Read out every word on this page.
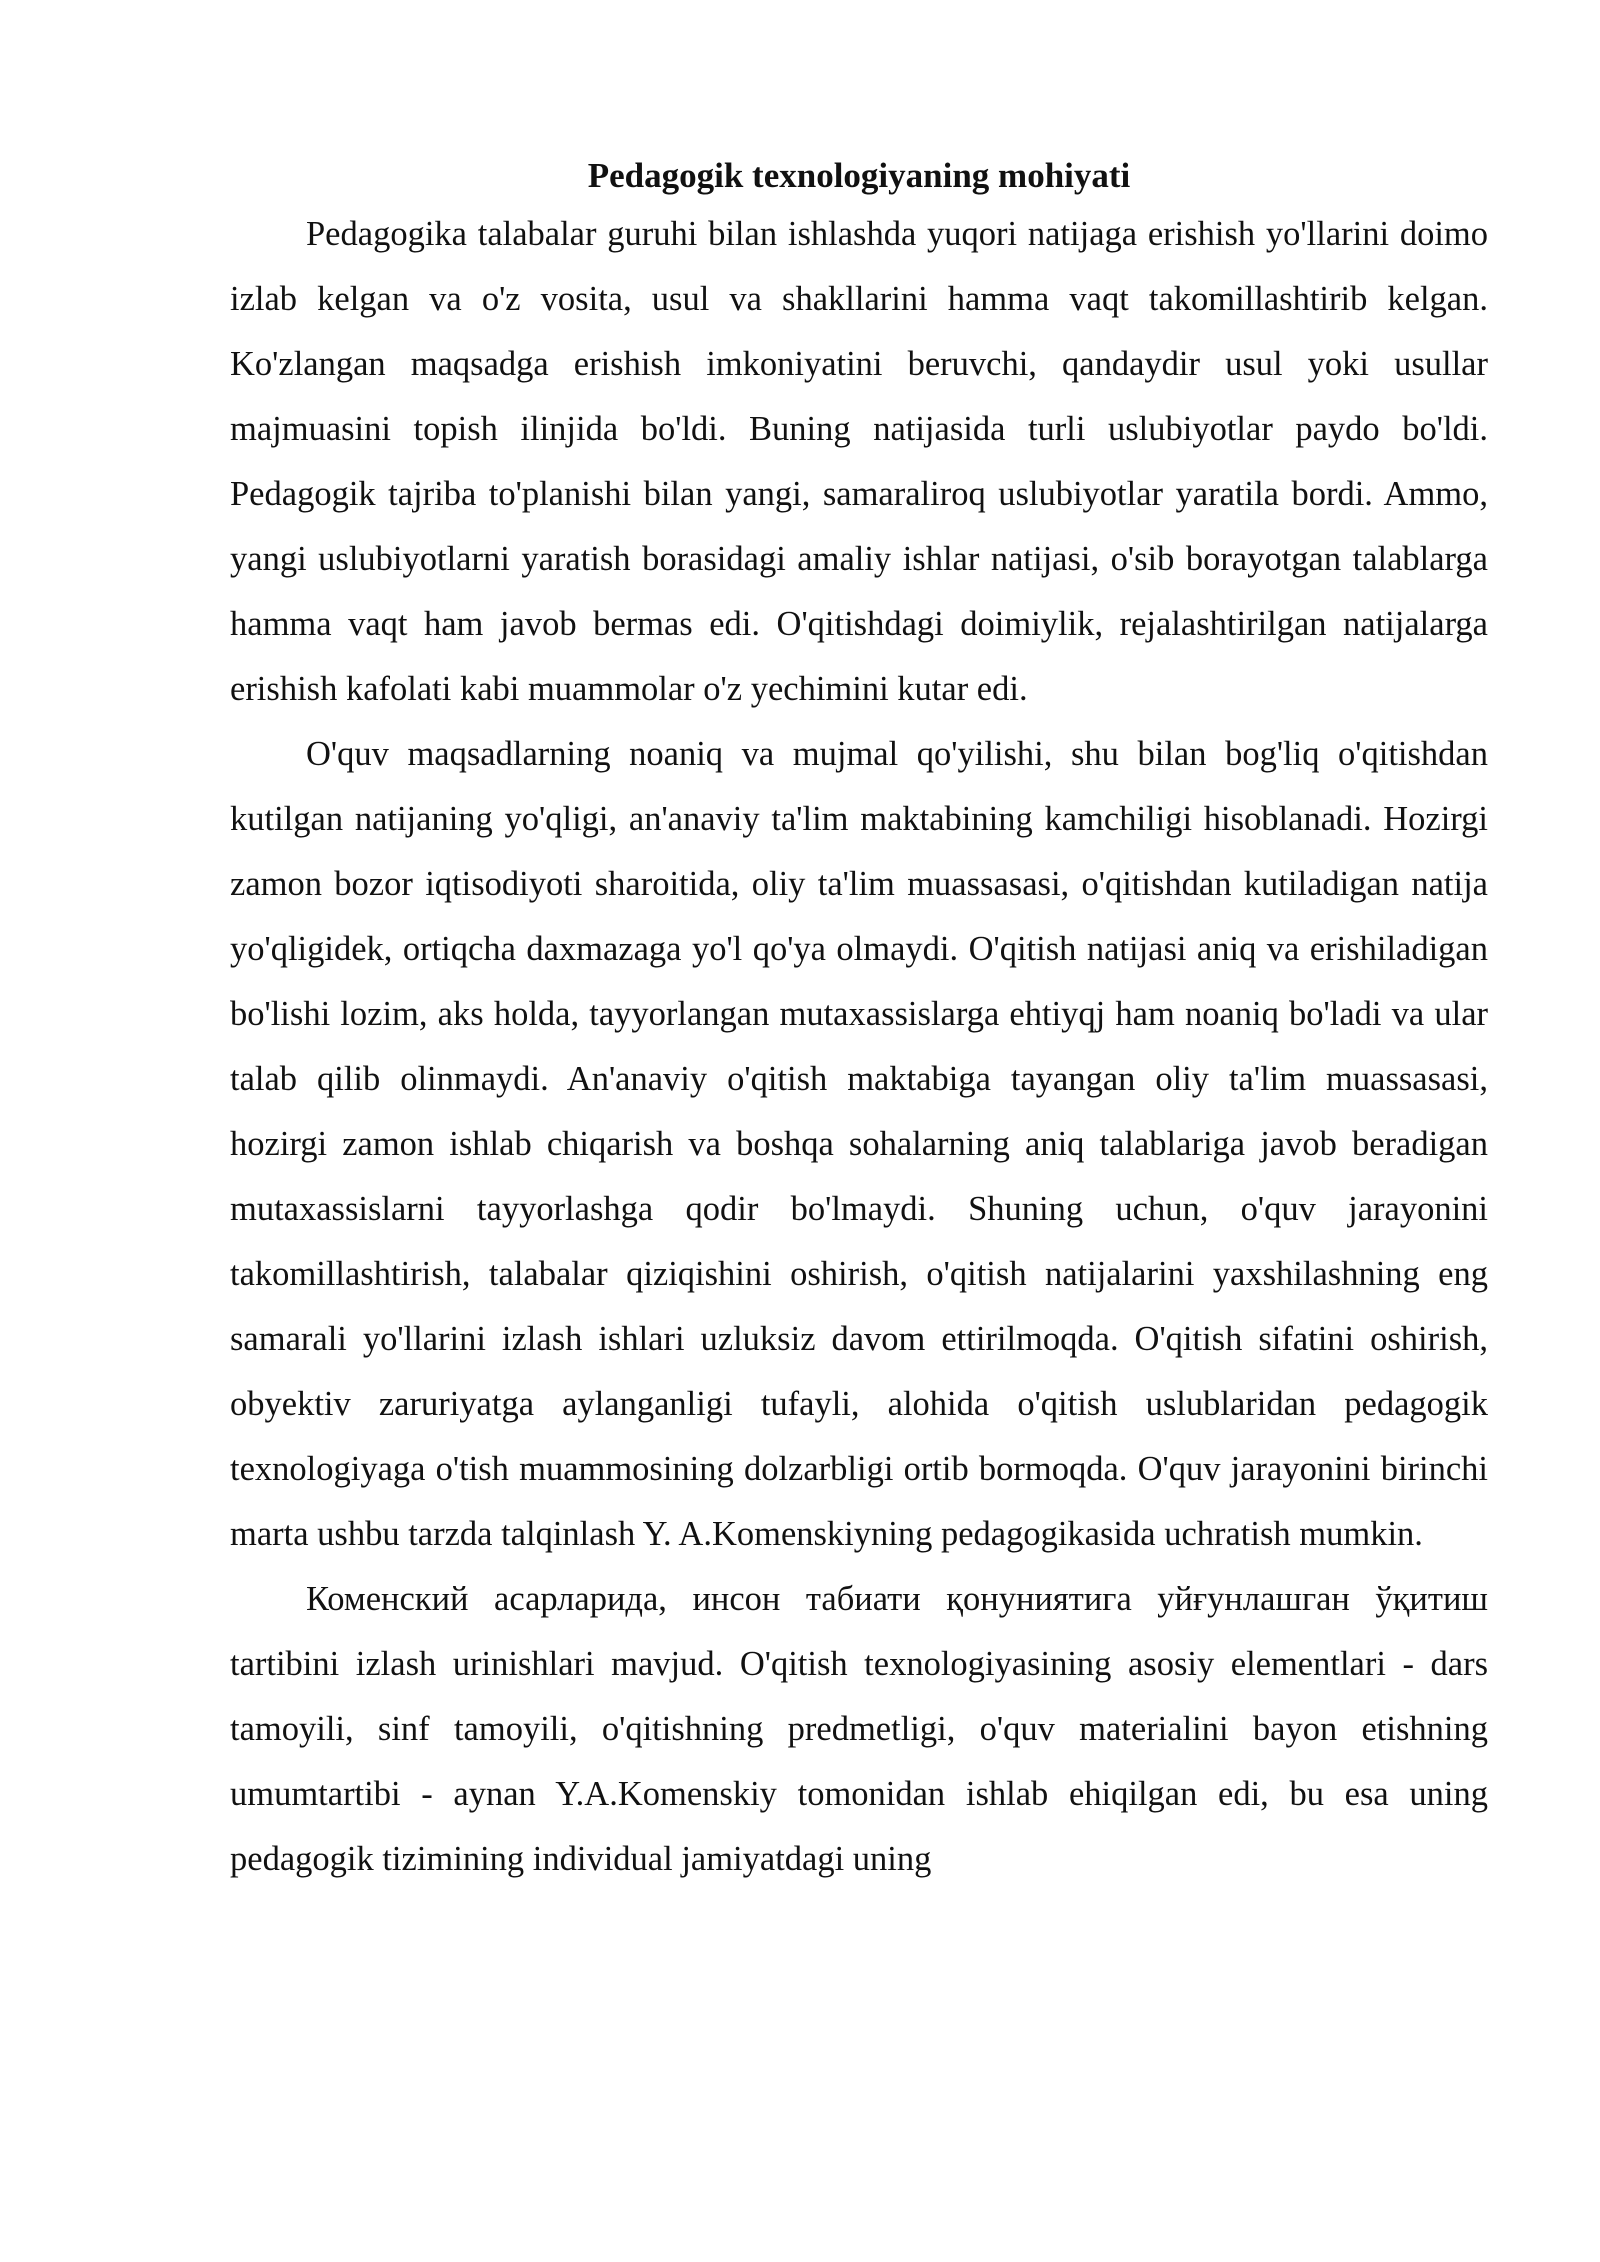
Pedagogik texnologiyaning mohiyati

Pedagogika talabalar guruhi bilan ishlashda yuqori natijaga erishish yo'llarini doimo izlab kelgan va o'z vosita, usul va shakllarini hamma vaqt takomillashtirib kelgan. Ko'zlangan maqsadga erishish imkoniyatini beruvchi, qandaydir usul yoki usullar majmuasini topish ilinjida bo'ldi. Buning natijasida turli uslubiyotlar paydo bo'ldi. Pedagogik tajriba to'planishi bilan yangi, samaraliroq uslubiyotlar yaratila bordi. Ammo, yangi uslubiyotlarni yaratish borasidagi amaliy ishlar natijasi, o'sib borayotgan talablarga hamma vaqt ham javob bermas edi. O'qitishdagi doimiylik, rejalashtirilgan natijalarga erishish kafolati kabi muammolar o'z yechimini kutar edi.

O'quv maqsadlarning noaniq va mujmal qo'yilishi, shu bilan bog'liq o'qitishdan kutilgan natijaning yo'qligi, an'anaviy ta'lim maktabining kamchiligi hisoblanadi. Hozirgi zamon bozor iqtisodiyoti sharoitida, oliy ta'lim muassasasi, o'qitishdan kutiladigan natija yo'qligidek, ortiqcha daxmazaga yo'l qo'ya olmaydi. O'qitish natijasi aniq va erishiladigan bo'lishi lozim, aks holda, tayyorlangan mutaxassislarga ehtiyqj ham noaniq bo'ladi va ular talab qilib olinmaydi. An'anaviy o'qitish maktabiga tayangan oliy ta'lim muassasasi, hozirgi zamon ishlab chiqarish va boshqa sohalarning aniq talablariga javob beradigan mutaxassislarni tayyorlashga qodir bo'lmaydi. Shuning uchun, o'quv jarayonini takomillashtirish, talabalar qiziqishini oshirish, o'qitish natijalarini yaxshilashning eng samarali yo'llarini izlash ishlari uzluksiz davom ettirilmoqda. O'qitish sifatini oshirish, obyektiv zaruriyatga aylanganligi tufayli, alohida o'qitish uslublaridan pedagogik texnologiyaga o'tish muammosining dolzarbligi ortib bormoqda. O'quv jarayonini birinchi marta ushbu tarzda talqinlash Y. A.Komenskiyning pedagogikasida uchratish mumkin.

Коменский асарларида, инсон табиати қонуниятига уйғунлашган ўқитиш tartibini izlash urinishlari mavjud. O'qitish texnologiyasining asosiy elementlari - dars tamoyili, sinf tamoyili, o'qitishning predmetligi, o'quv materialini bayon etishning umumtartibi - aynan Y.A.Komenskiy tomonidan ishlab ehiqilgan edi, bu esa uning pedagogik tizimining individual jamiyatdagi uning
